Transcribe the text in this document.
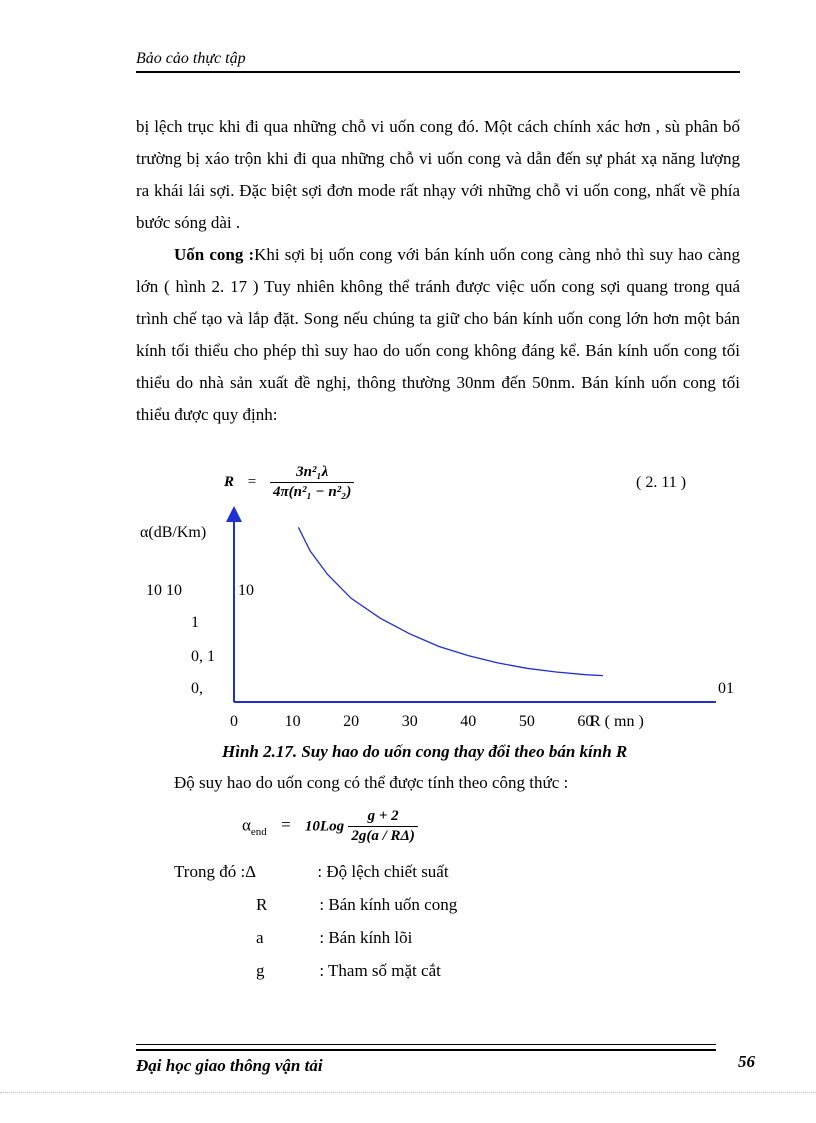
Bảo cảo thực tập

bị lệch trục khi đi qua những chỗ vi uốn cong đó. Một cách chính xác hơn , sù phân bố trường bị xáo trộn khi đi qua những chỗ vi uốn cong và dẫn đến sự phát xạ năng lượng ra khái lái sợi. Đặc biệt sợi đơn mode rất nhạy với những chỗ vi uốn cong, nhất về phía bước sóng dài .

Uốn cong :Khi sợi bị uốn cong với bán kính uốn cong càng nhỏ thì suy hao càng lớn ( hình 2. 17 ) Tuy nhiên không thể tránh được việc uốn cong sợi quang trong quá trình chế tạo và lắp đặt. Song nếu chúng ta giữ cho bán kính uốn cong lớn hơn một bán kính tối thiểu cho phép thì suy hao do uốn cong không đáng kể. Bán kính uốn cong tối thiểu do nhà sản xuất đề nghị, thông thường 30nm đến 50nm. Bán kính uốn cong tối thiểu được quy định:

$R = \frac{\text{3n²₁λ}}{\text{4π(n²₁ − n²₂)}}$	( 2. 11 )
α(dB/Km)
10 10
1
0, 1
0,
10
01
0	10	20	30	40	50	60
R ( mn )
Hình 2.17. Suy hao do uốn cong thay đổi theo bán kính R
Độ suy hao do uốn cong có thể được tính theo công thức :
$\alpha_{end} = 10Log \frac{g + 2}{2g(a / R\Delta)}$
Trong đó :Δ		: Độ lệch chiết suất
R		: Bán kính uốn cong
a		: Bán kính lõi
g		: Tham số mặt cắt
Đại học giao thông vận tải	56
